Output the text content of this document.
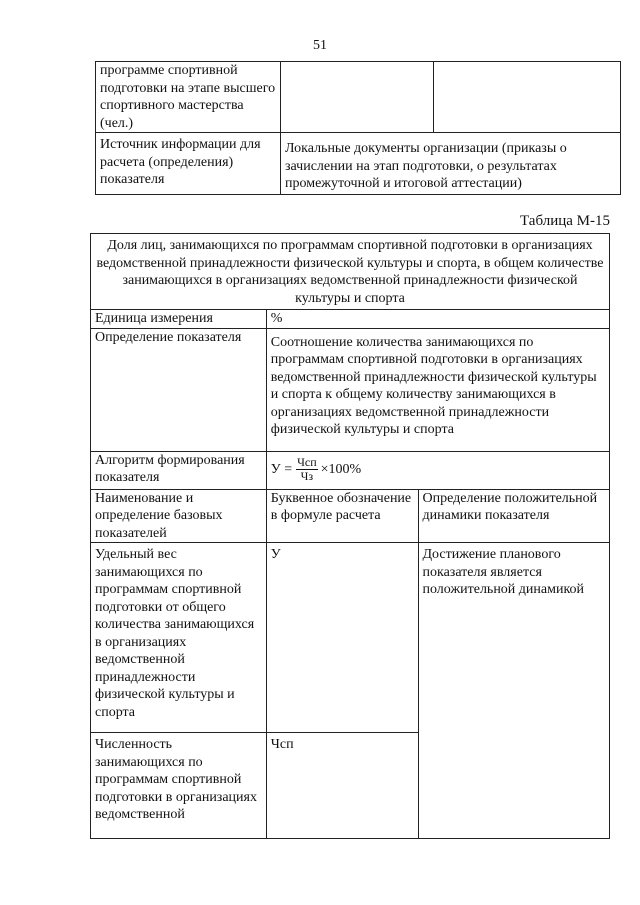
51
программе спортивной подготовки на этапе высшего спортивного мастерства (чел.)		
Источник информации для расчета (определения) показателя	Локальные документы организации (приказы о зачислении на этап подготовки, о результатах промежуточной и итоговой аттестации)	
Таблица М-15
Доля лиц, занимающихся по программам спортивной подготовки в организациях ведомственной принадлежности физической культуры и спорта, в общем количестве занимающихся в организациях ведомственной принадлежности физической культуры и спорта		
Единица измерения	%	
Определение показателя	Соотношение количества занимающихся по программам спортивной подготовки в организациях ведомственной принадлежности физической культуры и спорта к общему количеству занимающихся в организациях ведомственной принадлежности физической культуры и спорта	
Алгоритм формирования показателя	$У = \frac{\text{Чсп}}{Чз} \times 100\%$	

Наименование и определение базовых показателей	Буквенное обозначение в формуле расчета	Определение положительной динамики показателя
Удельный вес занимающихся по программам спортивной подготовки от общего количества занимающихся в организациях ведомственной принадлежности физической культуры и спорта	У	Достижение планового показателя является положительной динамикой
Численность занимающихся по программам спортивной подготовки в организациях ведомственной	Чсп	
